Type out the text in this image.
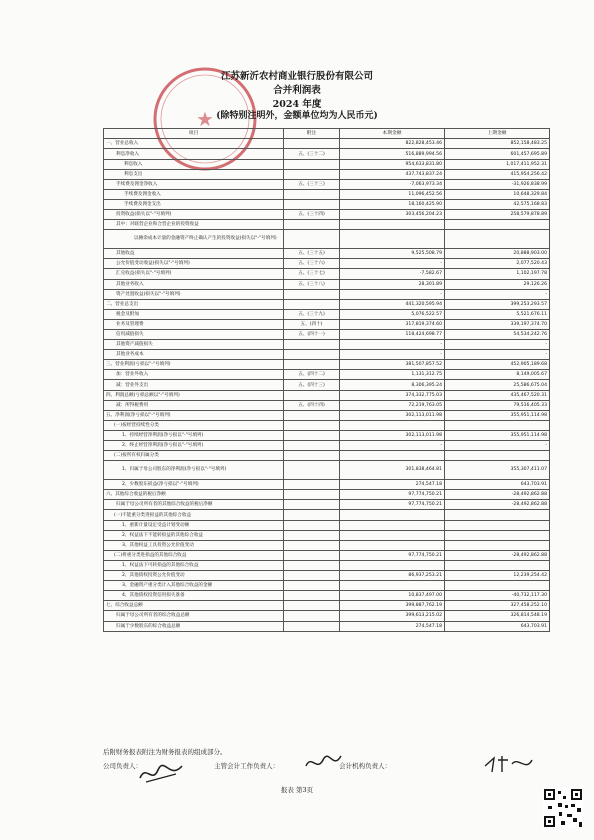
★
江苏新沂农村商业银行股份有限公司
合并利润表
2024 年度
(除特别注明外，金额单位均为人民币元)
项目	附注	本期金额	上期金额
一、营业总收入		822,828,453.46	852,158,483.25
利息净收入	五、(三十二)	516,889,994.56	601,457,695.89
利息收入		954,633,831.80	1,017,411,952.31
利息支出		437,743,837.24	415,954,256.42
手续费及佣金净收入	五、(三十三)	-7,063,973.34	-31,926,838.99
手续费及佣金收入		11,096,452.56	10,648,329.84
手续费及佣金支出		18,160,425.90	42,575,168.83
投资收益(损失以"-"号填列)	五、(三十四)	303,456,204.23	258,579,878.89
其中：对联营企业和合营企业的投资收益			
以摊余成本计量的金融资产终止确认产生的投资收益(损失以"-"号填列)			
其他收益	五、(三十五)	9,525,508.79	20,888,903.00
公允价值变动收益(损失以"-"号填列)	五、(三十六)	-	2,077,520.43
汇兑收益(损失以"-"号填列)	五、(三十七)	-7,582.67	1,102,197.78
其他业务收入	五、(三十八)	28,301.89	29,126.26
资产处置收益(损失以"-"号填列)		-	-
二、营业总支出		441,320,595.94	399,253,293.57
税金及附加	五、(三十九)	5,076,522.57	5,521,676.11
业务及管理费	五、(四十)	317,819,374.60	339,197,374.70
信用减值损失	五、(四十一)	118,424,698.77	54,534,242.76
其他资产减值损失		-	-
其他业务成本		-	-
三、营业利润(亏损以"-"号填列)		381,507,857.52	452,905,189.68
加：营业外收入	五、(四十二)	1,131,312.75	8,149,005.67
减：营业外支出	五、(四十三)	8,306,395.24	25,586,675.04
四、利润总额(亏损总额以"-"号填列)		374,332,775.03	435,467,520.31
减：所得税费用	五、(四十四)	72,219,763.05	79,516,405.33
五、净利润(净亏损以"-"号填列)		302,113,011.98	355,951,114.98
(一)按经营持续性分类			
1、持续经营净利润(净亏损以"-"号填列)		302,113,011.98	355,951,114.98
2、终止经营净利润(净亏损以"-"号填列)		-	-
(二)按所有权归属分类			
1、归属于母公司股东的净利润(净亏损以"-"号填列)		301,838,464.81	355,307,411.07
2、少数股东损益(净亏损以"-"号填列)		274,547.18	643,703.91
六、其他综合收益的税后净额		97,774,750.21	-28,492,862.88
归属于母公司所有者的其他综合收益的税后净额		97,774,750.21	-28,492,862.88
(一)不能重分类进损益的其他综合收益			
1、重新计量设定受益计划变动额			
2、权益法下不能转损益的其他综合收益			
3、其他权益工具投资公允价值变动			
(二)将重分类进损益的其他综合收益		97,774,750.21	-28,492,862.88
1、权益法下可转损益的其他综合收益			
2、其他债权投资公允价值变动		86,937,253.21	12,239,254.42
3、金融资产重分类计入其他综合收益的金额			
4、其他债权投资信用损失准备		10,837,497.00	-40,732,117.30
七、综合收益总额		399,887,762.19	327,458,252.10
归属于母公司所有者的综合收益总额		399,613,215.02	326,814,548.19
归属于少数股东的综合收益总额		274,547.18	643,703.91
后附财务报表附注为财务报表的组成部分。
公司负责人：	主管会计工作负责人：	会计机构负责人：
报表 第3页
